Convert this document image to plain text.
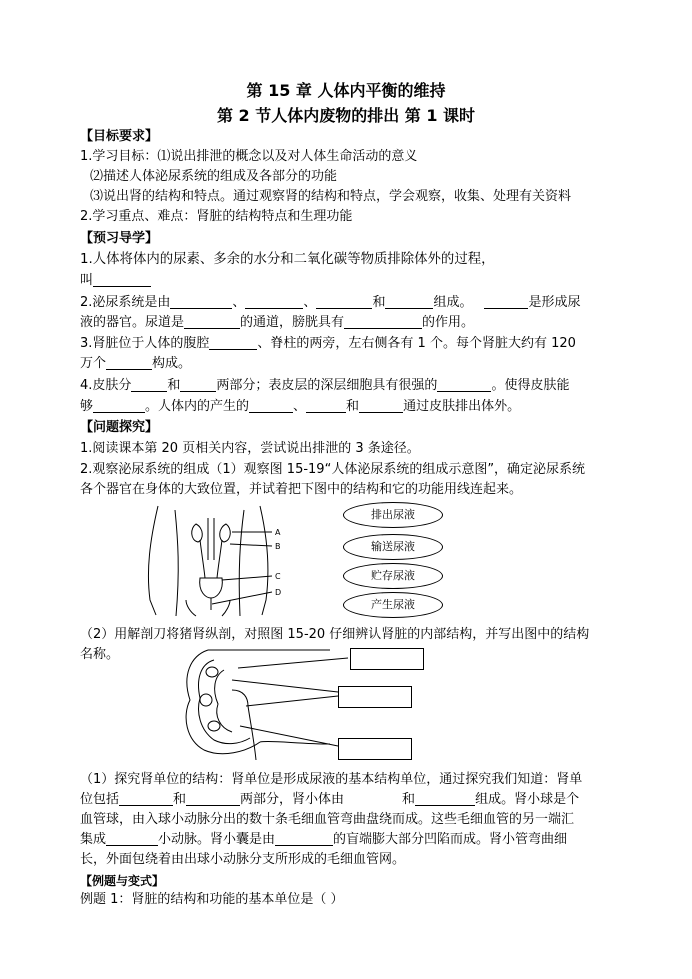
第 15 章 人体内平衡的维持
第 2 节人体内废物的排出 第 1 课时
【目标要求】
1.学习目标：⑴说出排泄的概念以及对人体生命活动的意义
⑵描述人体泌尿系统的组成及各部分的功能
⑶说出肾的结构和特点。通过观察肾的结构和特点，学会观察，收集、处理有关资料
2.学习重点、难点：肾脏的结构特点和生理功能
【预习导学】
1.人体将体内的尿素、多余的水分和二氧化碳等物质排除体外的过程，
叫
2.泌尿系统是由	、	、	和	组成。	是形成尿
液的器官。尿道是	的通道，膀胱具有	的作用。
3.肾脏位于人体的腹腔	、脊柱的两旁，左右侧各有 1 个。每个肾脏大约有 120
万个	构成。
4.皮肤分	和	两部分；表皮层的深层细胞具有很强的	。使得皮肤能
够	。人体内的产生的	、	和	通过皮肤排出体外。
【问题探究】
1.阅读课本第 20 页相关内容，尝试说出排泄的 3 条途径。
2.观察泌尿系统的组成（1）观察图 15-19“人体泌尿系统的组成示意图”，确定泌尿系统
各个器官在身体的大致位置，并试着把下图中的结构和它的功能用线连起来。
A
B
C
D
排出尿液
输送尿液
贮存尿液
产生尿液
（2）用解剖刀将猪肾纵剖，对照图 15-20 仔细辨认肾脏的内部结构，并写出图中的结构
名称。
（1）探究肾单位的结构：肾单位是形成尿液的基本结构单位，通过探究我们知道：肾单
位包括	和	两部分，肾小体由	和	组成。肾小球是个
血管球，由入球小动脉分出的数十条毛细血管弯曲盘绕而成。这些毛细血管的另一端汇
集成	小动脉。肾小囊是由	的盲端膨大部分凹陷而成。肾小管弯曲细
长，外面包绕着由出球小动脉分支所形成的毛细血管网。
【例题与变式】
例题 1：肾脏的结构和功能的基本单位是（ ）
